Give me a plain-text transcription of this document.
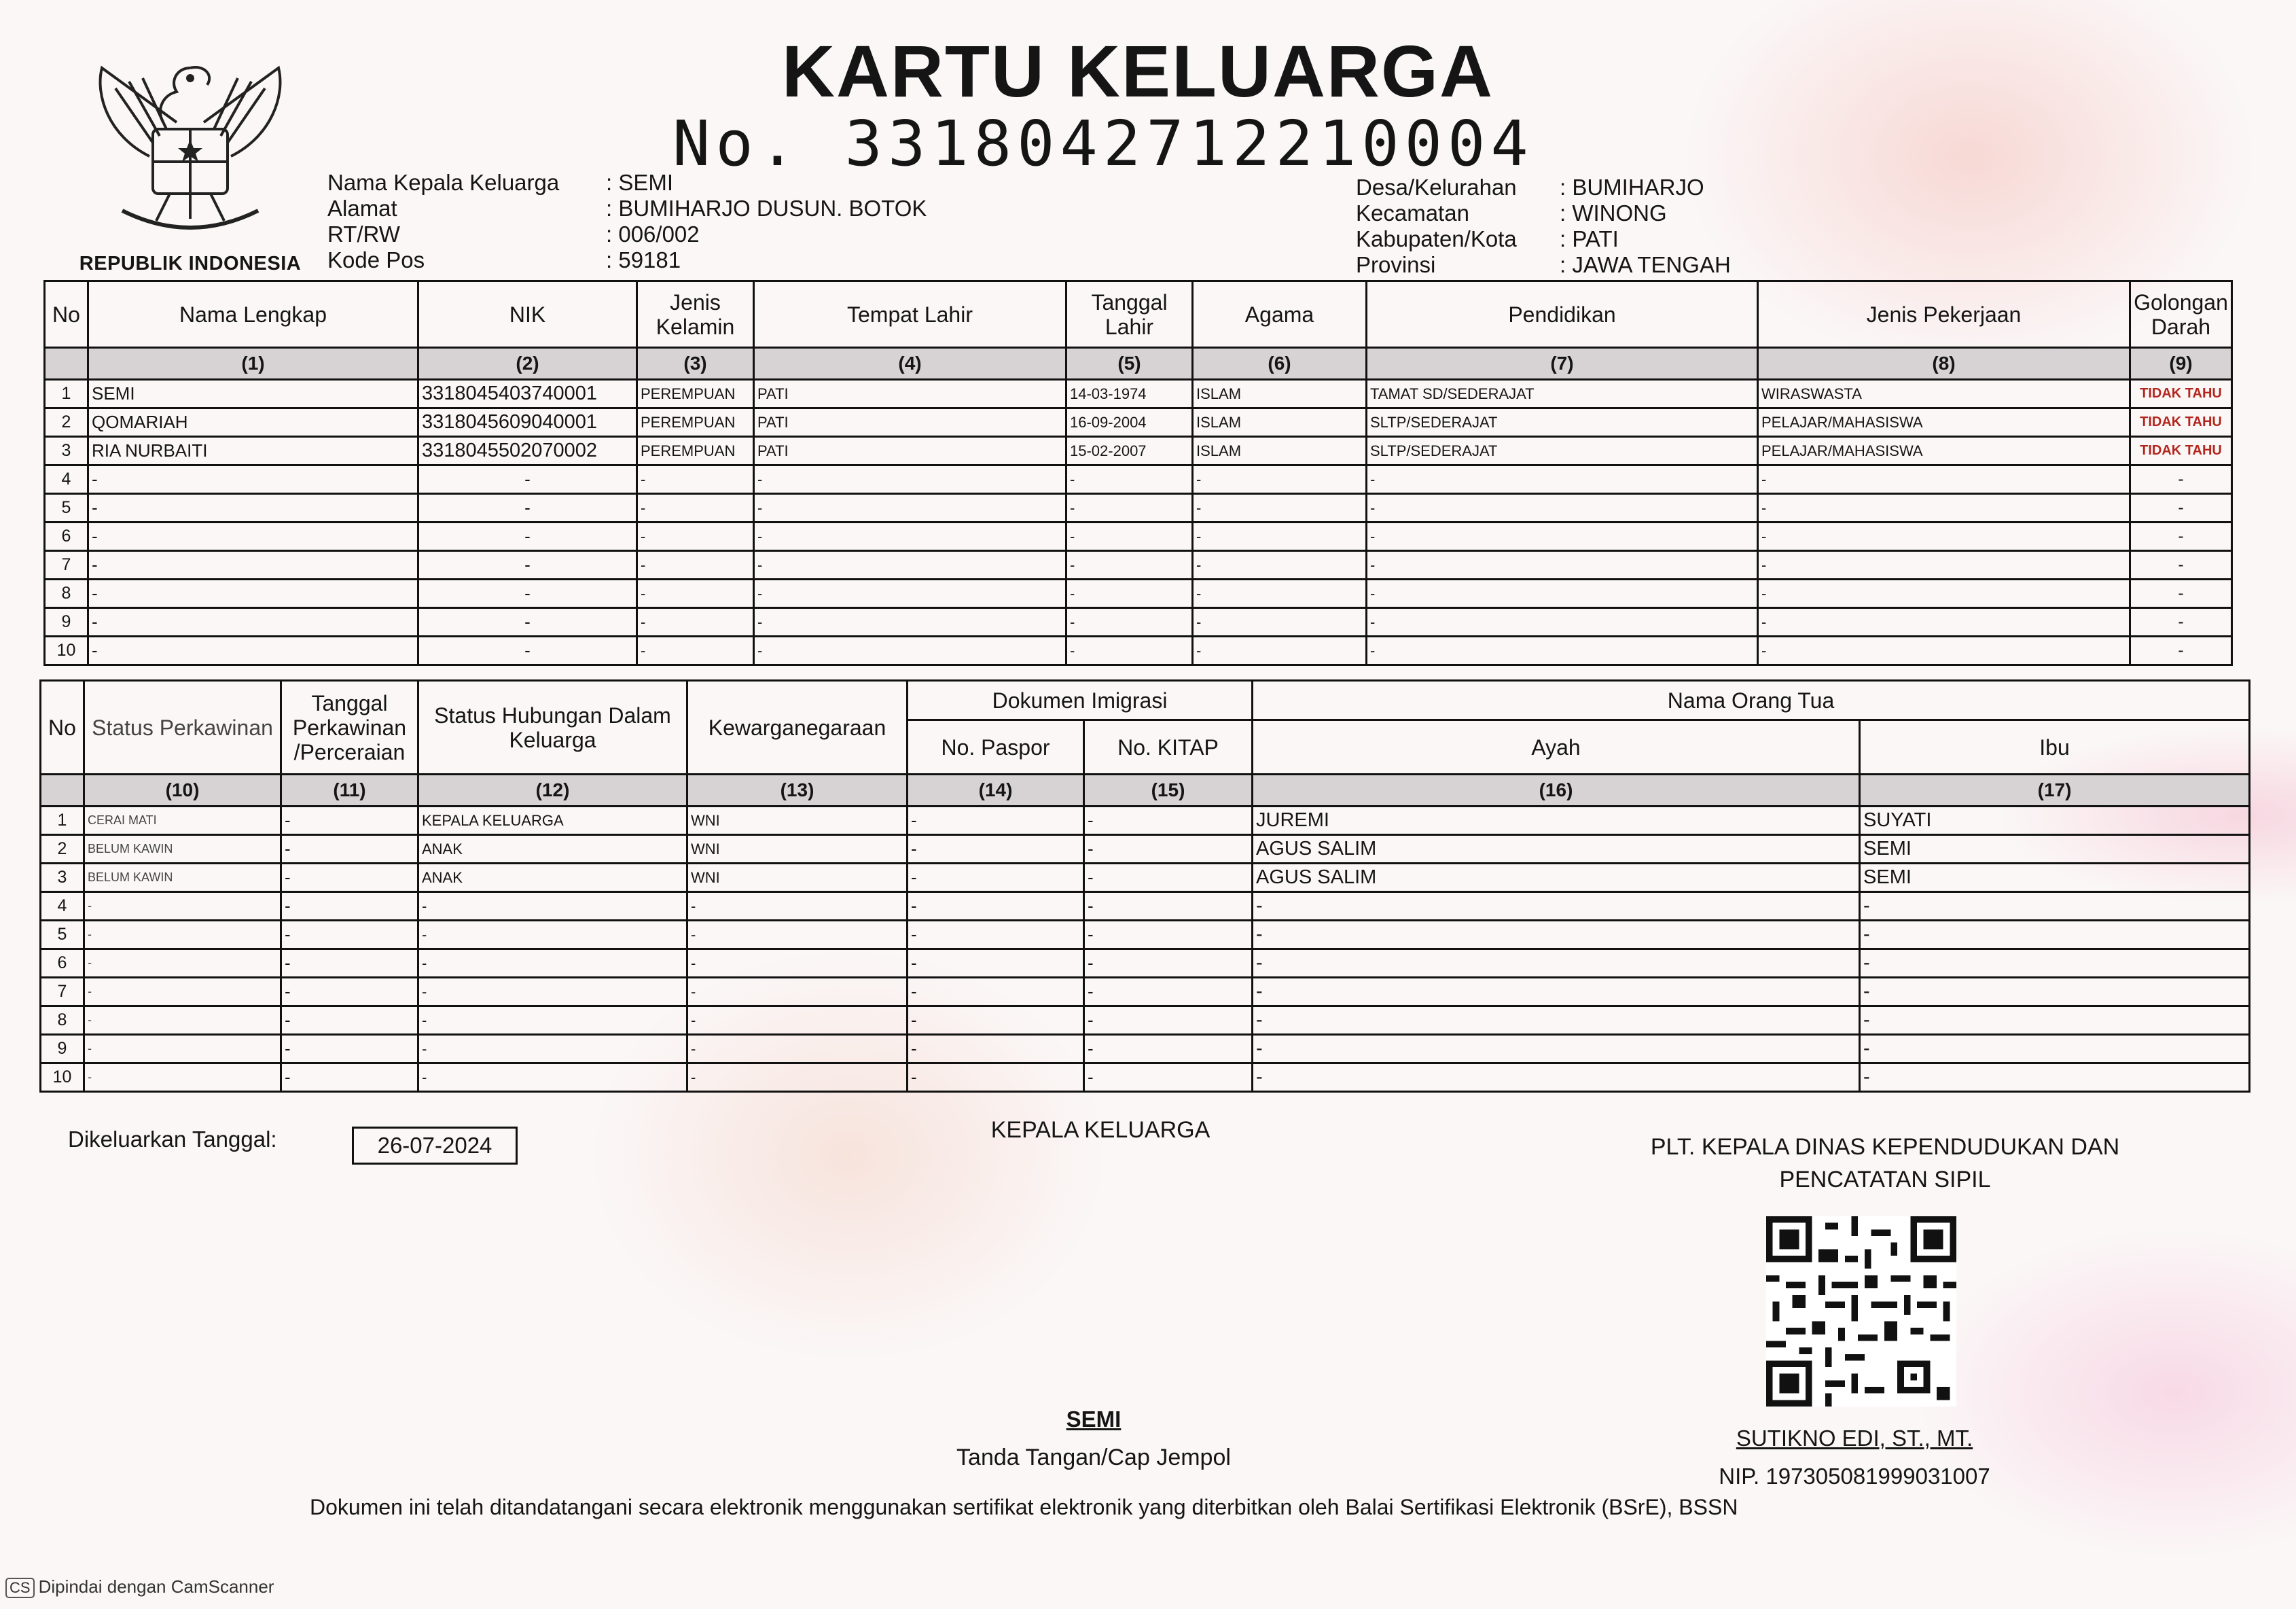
REPUBLIK INDONESIA
KARTU KELUARGA
No. 3318042712210004
Nama Kepala Keluarga	: SEMI
Alamat	: BUMIHARJO DUSUN. BOTOK
RT/RW	: 006/002
Kode Pos	: 59181
Desa/Kelurahan	: BUMIHARJO
Kecamatan	: WINONG
Kabupaten/Kota	: PATI
Provinsi	: JAWA TENGAH
No	Nama Lengkap	NIK	Jenis Kelamin	Tempat Lahir	Tanggal Lahir	Agama	Pendidikan	Jenis Pekerjaan	Golongan Darah
	(1)	(2)	(3)	(4)	(5)	(6)	(7)	(8)	(9)
1	SEMI	3318045403740001	PEREMPUAN	PATI	14-03-1974	ISLAM	TAMAT SD/SEDERAJAT	WIRASWASTA	TIDAK TAHU
2	QOMARIAH	3318045609040001	PEREMPUAN	PATI	16-09-2004	ISLAM	SLTP/SEDERAJAT	PELAJAR/MAHASISWA	TIDAK TAHU
3	RIA NURBAITI	3318045502070002	PEREMPUAN	PATI	15-02-2007	ISLAM	SLTP/SEDERAJAT	PELAJAR/MAHASISWA	TIDAK TAHU
4	-	-	-	-	-	-	-	-	-
5	-	-	-	-	-	-	-	-	-
6	-	-	-	-	-	-	-	-	-
7	-	-	-	-	-	-	-	-	-
8	-	-	-	-	-	-	-	-	-
9	-	-	-	-	-	-	-	-	-
10	-	-	-	-	-	-	-	-	-
No	Status Perkawinan	Tanggal Perkawinan /Perceraian	Status Hubungan Dalam Keluarga	Kewarganegaraan	Dokumen Imigrasi		Nama Orang Tua	
					No. Paspor	No. KITAP	Ayah	Ibu
	(10)	(11)	(12)	(13)	(14)	(15)	(16)	(17)
1	CERAI MATI	-	KEPALA KELUARGA	WNI	-	-	JUREMI	SUYATI
2	BELUM KAWIN	-	ANAK	WNI	-	-	AGUS SALIM	SEMI
3	BELUM KAWIN	-	ANAK	WNI	-	-	AGUS SALIM	SEMI
4	-	-	-	-	-	-	-	-
5	-	-	-	-	-	-	-	-
6	-	-	-	-	-	-	-	-
7	-	-	-	-	-	-	-	-
8	-	-	-	-	-	-	-	-
9	-	-	-	-	-	-	-	-
10	-	-	-	-	-	-	-	-
Dikeluarkan Tanggal:	26-07-2024
KEPALA KELUARGA
PLT. KEPALA DINAS KEPENDUDUKAN DAN
PENCATATAN SIPIL
SEMI
Tanda Tangan/Cap Jempol
SUTIKNO EDI, ST., MT.
NIP. 197305081999031007
Dokumen ini telah ditandatangani secara elektronik menggunakan sertifikat elektronik yang diterbitkan oleh Balai Sertifikasi Elektronik (BSrE), BSSN
CS Dipindai dengan CamScanner
